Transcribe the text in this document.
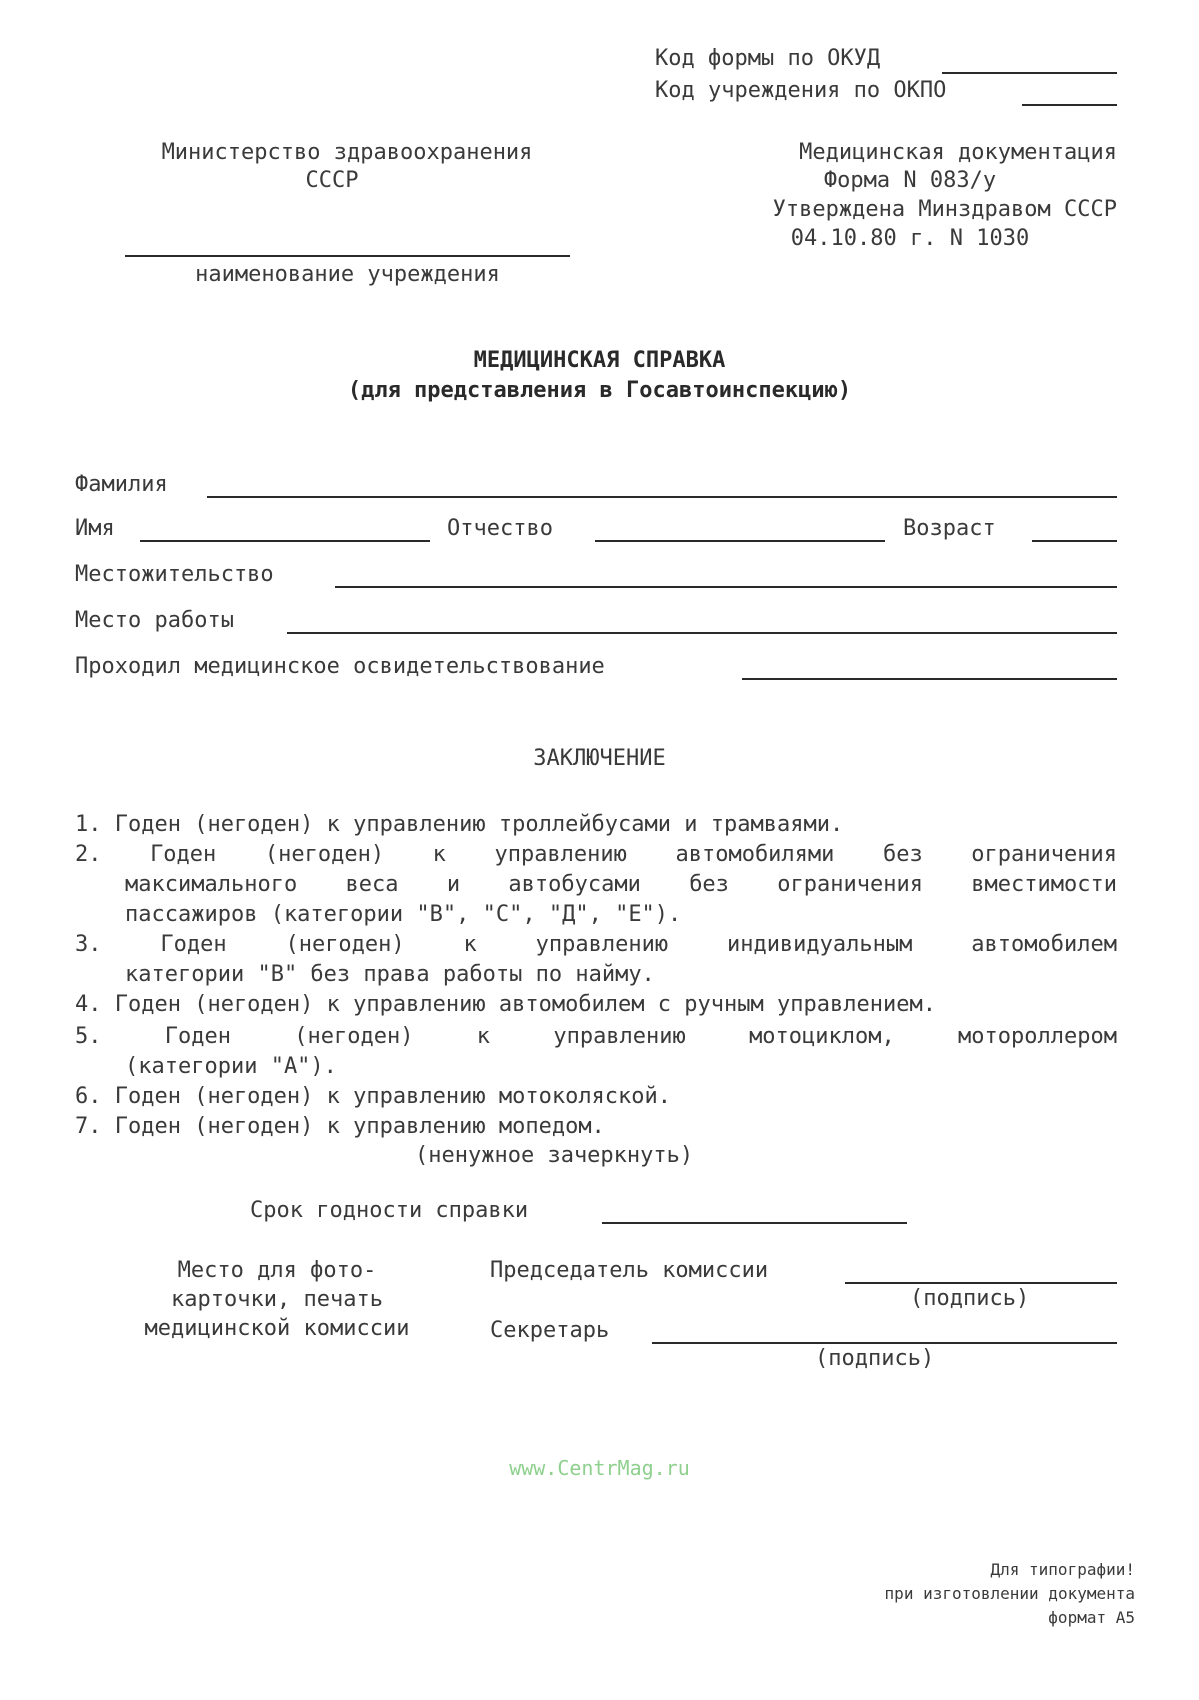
Код формы по ОКУД
Код учреждения по ОКПО
Министерство здравоохранения
СССР
наименование учреждения
Медицинская документация
Форма N 083/у
Утверждена Минздравом СССР
04.10.80 г. N 1030
МЕДИЦИНСКАЯ СПРАВКА
(для представления в Госавтоинспекцию)
Фамилия
Имя	Отчество	Возраст
Местожительство
Место работы
Проходил медицинское освидетельствование
ЗАКЛЮЧЕНИЕ
1. Годен (негоден) к управлению троллейбусами и трамваями.
2. Годен (негоден) к управлению автомобилями без ограничения
максимального веса и автобусами без ограничения вместимости
пассажиров (категории "В", "С", "Д", "Е").
3.	Годен	(негоден)	к	управлению	индивидуальным	автомобилем
категории "В" без права работы по найму.
4. Годен (негоден) к управлению автомобилем с ручным управлением.
5.	Годен	(негоден)	к	управлению	мотоциклом,	мотороллером
(категории "А").
6. Годен (негоден) к управлению мотоколяской.
7. Годен (негоден) к управлению мопедом.
(ненужное зачеркнуть)
Срок годности справки
Место для фото-
карточки, печать
медицинской комиссии
Председатель комиссии
(подпись)
Секретарь
(подпись)
www.CentrMag.ru
Для типографии!
при изготовлении документа
формат А5
